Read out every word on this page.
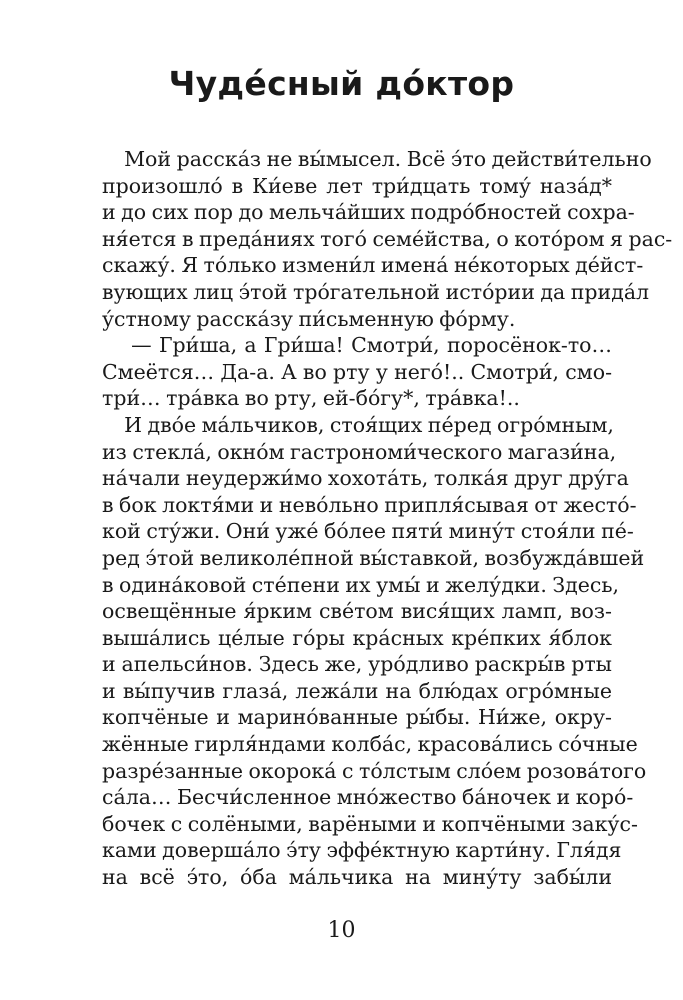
Чуде́сный до́ктор
Мой расска́з не вы́мысел. Всё э́то действи́тельно
произошло́ в Ки́еве лет три́дцать тому́ наза́д*
и до сих пор до мельча́йших подро́бностей сохра-
ня́ется в преда́ниях того́ семе́йства, о кото́ром я рас-
скажу́. Я то́лько измени́л имена́ не́которых де́йст-
вующих лиц э́той тро́гательной исто́рии да прида́л
у́стному расска́зу пи́сьменную фо́рму.
— Гри́ша, а Гри́ша! Смотри́, поросёнок-то…
Смеётся… Да-а. А во рту у него́!.. Смотри́, смо-
три́… тра́вка во рту, ей-бо́гу*, тра́вка!..
И дво́е ма́льчиков, стоя́щих пе́ред огро́мным,
из стекла́, окно́м гастрономи́ческого магази́на,
на́чали неудержи́мо хохота́ть, толка́я друг дру́га
в бок локтя́ми и нево́льно припля́сывая от жесто́-
кой сту́жи. Они́ уже́ бо́лее пяти́ мину́т стоя́ли пе́-
ред э́той великоле́пной вы́ставкой, возбужда́вшей
в одина́ковой сте́пени их умы́ и желу́дки. Здесь,
освещённые я́рким све́том вися́щих ламп, воз-
выша́лись це́лые го́ры кра́сных кре́пких я́блок
и апельси́нов. Здесь же, уро́дливо раскры́в рты
и вы́пучив глаза́, лежа́ли на блю́дах огро́мные
копчёные и марино́ванные ры́бы. Ни́же, окру-
жённые гирля́ндами колба́с, красова́лись со́чные
разре́занные окорока́ с то́лстым сло́ем розова́того
са́ла… Бесчи́сленное мно́жество ба́ночек и коро́-
бочек с солёными, варёными и копчёными заку́с-
ками доверша́ло э́ту эффе́ктную карти́ну. Гля́дя
на всё э́то, о́ба ма́льчика на мину́ту забы́ли
10
